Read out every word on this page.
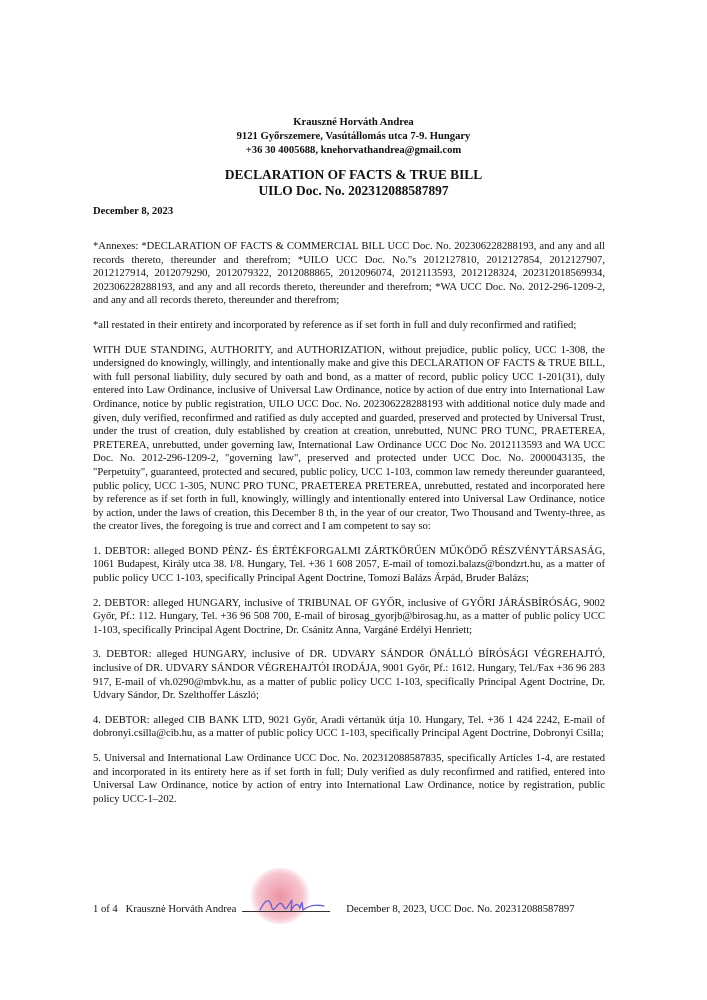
Krauszné Horváth Andrea
9121 Győrszemere, Vasútállomás utca 7-9. Hungary
+36 30 4005688, knehorvathandrea@gmail.com
DECLARATION OF FACTS & TRUE BILL
UILO Doc. No. 202312088587897
December 8, 2023

*Annexes: *DECLARATION OF FACTS & COMMERCIAL BILL UCC Doc. No. 202306228288193, and any and all records thereto, thereunder and therefrom; *UILO UCC Doc. No."s 2012127810, 2012127854, 2012127907, 2012127914, 2012079290, 2012079322, 2012088865, 2012096074, 2012113593, 2012128324, 202312018569934, 202306228288193, and any and all records thereto, thereunder and therefrom; *WA UCC Doc. No. 2012-296-1209-2, and any and all records thereto, thereunder and therefrom;

*all restated in their entirety and incorporated by reference as if set forth in full and duly reconfirmed and ratified;

WITH DUE STANDING, AUTHORITY, and AUTHORIZATION, without prejudice, public policy, UCC 1-308, the undersigned do knowingly, willingly, and intentionally make and give this DECLARATION OF FACTS & TRUE BILL, with full personal liability, duly secured by oath and bond, as a matter of record, public policy UCC 1-201(31), duly entered into Law Ordinance, inclusive of Universal Law Ordinance, notice by action of due entry into International Law Ordinance, notice by public registration, UILO UCC Doc. No. 202306228288193 with additional notice duly made and given, duly verified, reconfirmed and ratified as duly accepted and guarded, preserved and protected by Universal Trust, under the trust of creation, duly established by creation at creation, unrebutted, NUNC PRO TUNC, PRAETEREA, PRETEREA, unrebutted, under governing law, International Law Ordinance UCC Doc No. 2012113593 and WA UCC Doc. No. 2012-296-1209-2, "governing law", preserved and protected under UCC Doc. No. 2000043135, the "Perpetuity", guaranteed, protected and secured, public policy, UCC 1-103, common law remedy thereunder guaranteed, public policy, UCC 1-305, NUNC PRO TUNC, PRAETEREA PRETEREA, unrebutted, restated and incorporated here by reference as if set forth in full, knowingly, willingly and intentionally entered into Universal Law Ordinance, notice by action, under the laws of creation, this December 8 th, in the year of our creator, Two Thousand and Twenty-three, as the creator lives, the foregoing is true and correct and I am competent to say so:

1. DEBTOR: alleged BOND PÉNZ- ÉS ÉRTÉKFORGALMI ZÁRTKÖRŰEN MŰKÖDŐ RÉSZVÉNYTÁRSASÁG, 1061 Budapest, Király utca 38. I/8. Hungary, Tel. +36 1 608 2057, E-mail of tomozi.balazs@bondzrt.hu, as a matter of public policy UCC 1-103, specifically Principal Agent Doctrine, Tomozi Balázs Árpád, Bruder Balázs;

2. DEBTOR: alleged HUNGARY, inclusive of TRIBUNAL OF GYŐR, inclusive of GYŐRI JÁRÁSBÍRÓSÁG, 9002 Győr, Pf.: 112. Hungary, Tel. +36 96 508 700, E-mail of birosag_gyorjb@birosag.hu, as a matter of public policy UCC 1-103, specifically Principal Agent Doctrine, Dr. Csánitz Anna, Vargáné Erdélyi Henriett;

3. DEBTOR: alleged HUNGARY, inclusive of DR. UDVARY SÁNDOR ÖNÁLLÓ BÍRÓSÁGI VÉGREHAJTÓ, inclusive of DR. UDVARY SÁNDOR VÉGREHAJTÓI IRODÁJA, 9001 Győr, Pf.: 1612. Hungary, Tel./Fax +36 96 283 917, E-mail of vh.0290@mbvk.hu, as a matter of public policy UCC 1-103, specifically Principal Agent Doctrine, Dr. Udvary Sándor, Dr. Szelthoffer László;

4. DEBTOR: alleged CIB BANK LTD, 9021 Győr, Aradi vértanúk útja 10. Hungary, Tel. +36 1 424 2242, E-mail of dobronyi.csilla@cib.hu, as a matter of public policy UCC 1-103, specifically Principal Agent Doctrine, Dobronyi Csilla;

5. Universal and International Law Ordinance UCC Doc. No. 202312088587835, specifically Articles 1-4, are restated and incorporated in its entirety here as if set forth in full; Duly verified as duly reconfirmed and ratified, entered into Universal Law Ordinance, notice by action of entry into International Law Ordinance, notice by registration, public policy UCC-1–202.

1 of 4 Krausznė Horváth Andrea	December 8, 2023, UCC Doc. No. 202312088587897
